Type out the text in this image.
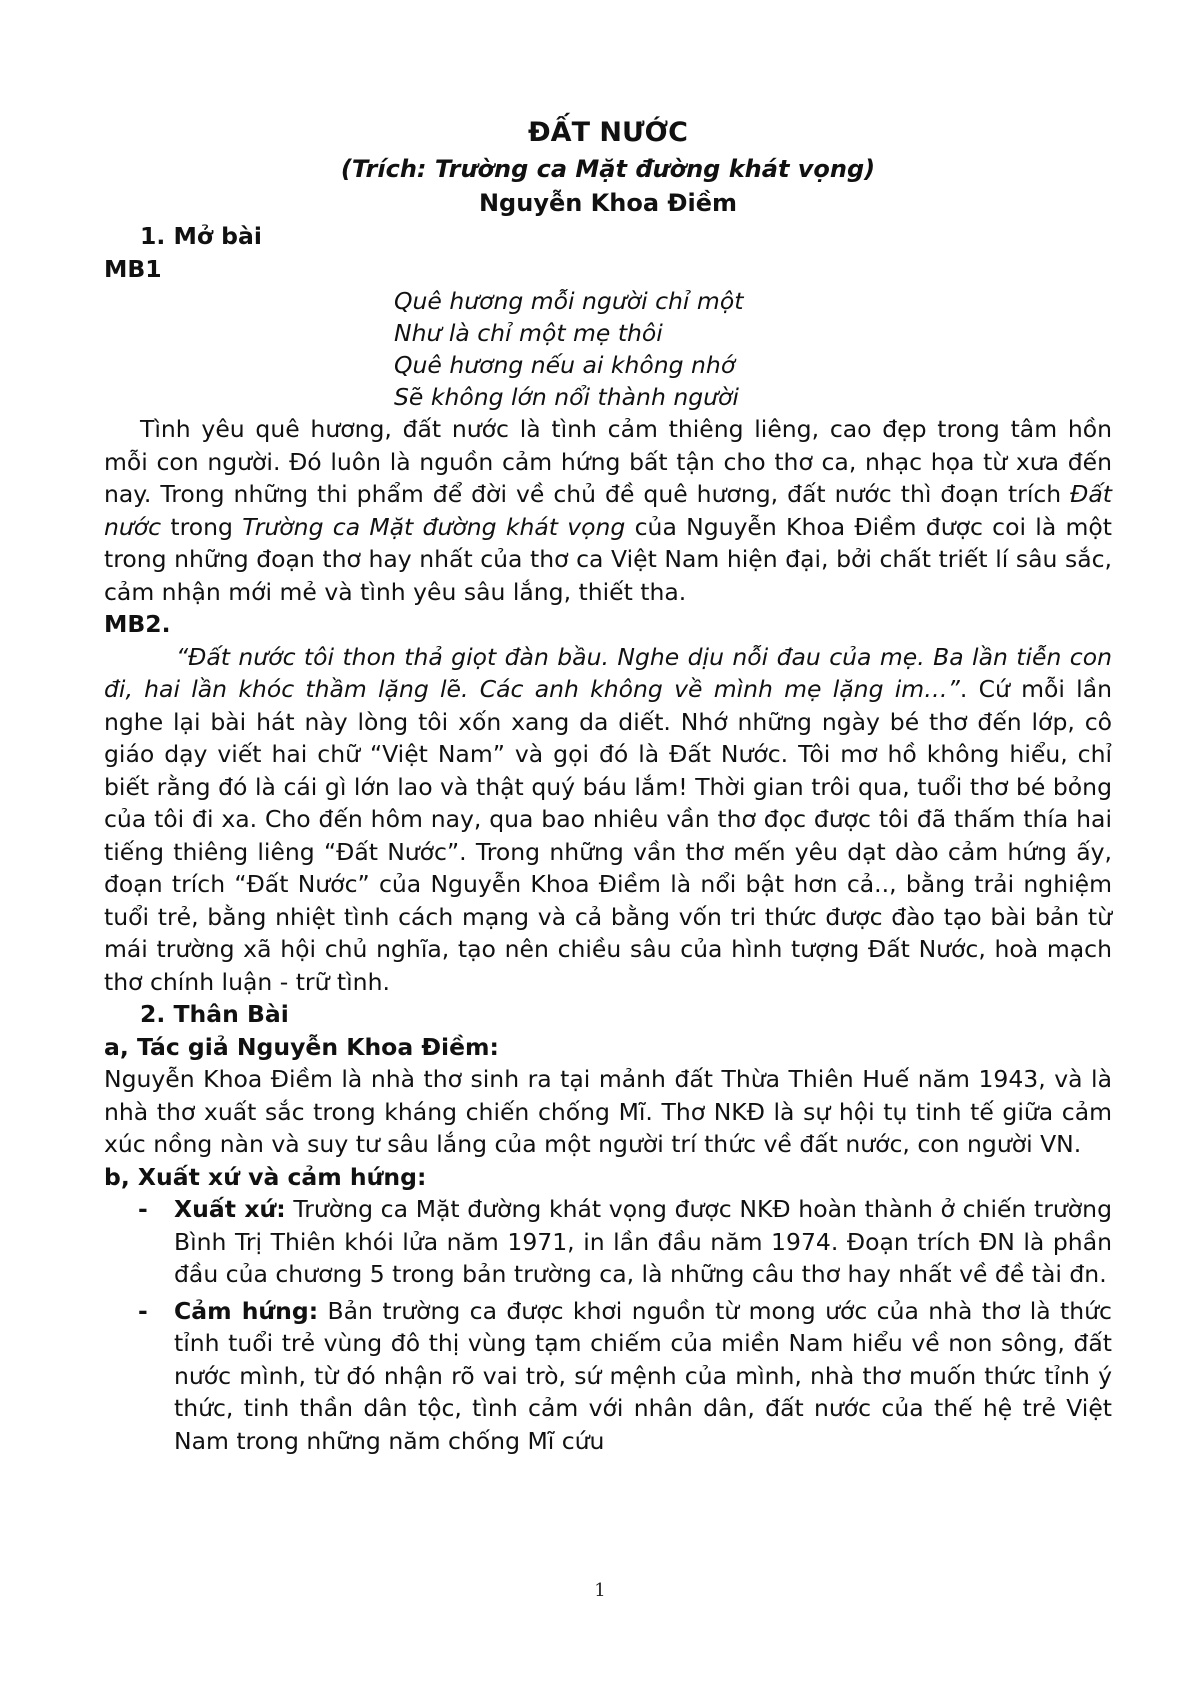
ĐẤT NƯỚC
(Trích: Trường ca Mặt đường khát vọng)
Nguyễn Khoa Điềm
1. Mở bài
MB1
Quê hương mỗi người chỉ một
Như là chỉ một mẹ thôi
Quê hương nếu ai không nhớ
Sẽ không lớn nổi thành người

Tình yêu quê hương, đất nước là tình cảm thiêng liêng, cao đẹp trong tâm hồn mỗi con người. Đó luôn là nguồn cảm hứng bất tận cho thơ ca, nhạc họa từ xưa đến nay. Trong những thi phẩm để đời về chủ đề quê hương, đất nước thì đoạn trích Đất nước trong Trường ca Mặt đường khát vọng của Nguyễn Khoa Điềm được coi là một trong những đoạn thơ hay nhất của thơ ca Việt Nam hiện đại, bởi chất triết lí sâu sắc, cảm nhận mới mẻ và tình yêu sâu lắng, thiết tha.

MB2.

“Đất nước tôi thon thả giọt đàn bầu. Nghe dịu nỗi đau của mẹ. Ba lần tiễn con đi, hai lần khóc thầm lặng lẽ. Các anh không về mình mẹ lặng im…”. Cứ mỗi lần nghe lại bài hát này lòng tôi xốn xang da diết. Nhớ những ngày bé thơ đến lớp, cô giáo dạy viết hai chữ “Việt Nam” và gọi đó là Đất Nước. Tôi mơ hồ không hiểu, chỉ biết rằng đó là cái gì lớn lao và thật quý báu lắm! Thời gian trôi qua, tuổi thơ bé bỏng của tôi đi xa. Cho đến hôm nay, qua bao nhiêu vần thơ đọc được tôi đã thấm thía hai tiếng thiêng liêng “Đất Nước”. Trong những vần thơ mến yêu dạt dào cảm hứng ấy, đoạn trích “Đất Nước” của Nguyễn Khoa Điềm là nổi bật hơn cả.., bằng trải nghiệm tuổi trẻ, bằng nhiệt tình cách mạng và cả bằng vốn tri thức được đào tạo bài bản từ mái trường xã hội chủ nghĩa, tạo nên chiều sâu của hình tượng Đất Nước, hoà mạch thơ chính luận - trữ tình.

2. Thân Bài
a, Tác giả Nguyễn Khoa Điềm:

Nguyễn Khoa Điềm là nhà thơ sinh ra tại mảnh đất Thừa Thiên Huế năm 1943, và là nhà thơ xuất sắc trong kháng chiến chống Mĩ. Thơ NKĐ là sự hội tụ tinh tế giữa cảm xúc nồng nàn và suy tư sâu lắng của một người trí thức về đất nước, con người VN.

b, Xuất xứ và cảm hứng:
- Xuất xứ: Trường ca Mặt đường khát vọng được NKĐ hoàn thành ở chiến trường Bình Trị Thiên khói lửa năm 1971, in lần đầu năm 1974. Đoạn trích ĐN là phần đầu của chương 5 trong bản trường ca, là những câu thơ hay nhất về đề tài đn.
- Cảm hứng: Bản trường ca được khơi nguồn từ mong ước của nhà thơ là thức tỉnh tuổi trẻ vùng đô thị vùng tạm chiếm của miền Nam hiểu về non sông, đất nước mình, từ đó nhận rõ vai trò, sứ mệnh của mình, nhà thơ muốn thức tỉnh ý thức, tinh thần dân tộc, tình cảm với nhân dân, đất nước của thế hệ trẻ Việt Nam trong những năm chống Mĩ cứu
1
